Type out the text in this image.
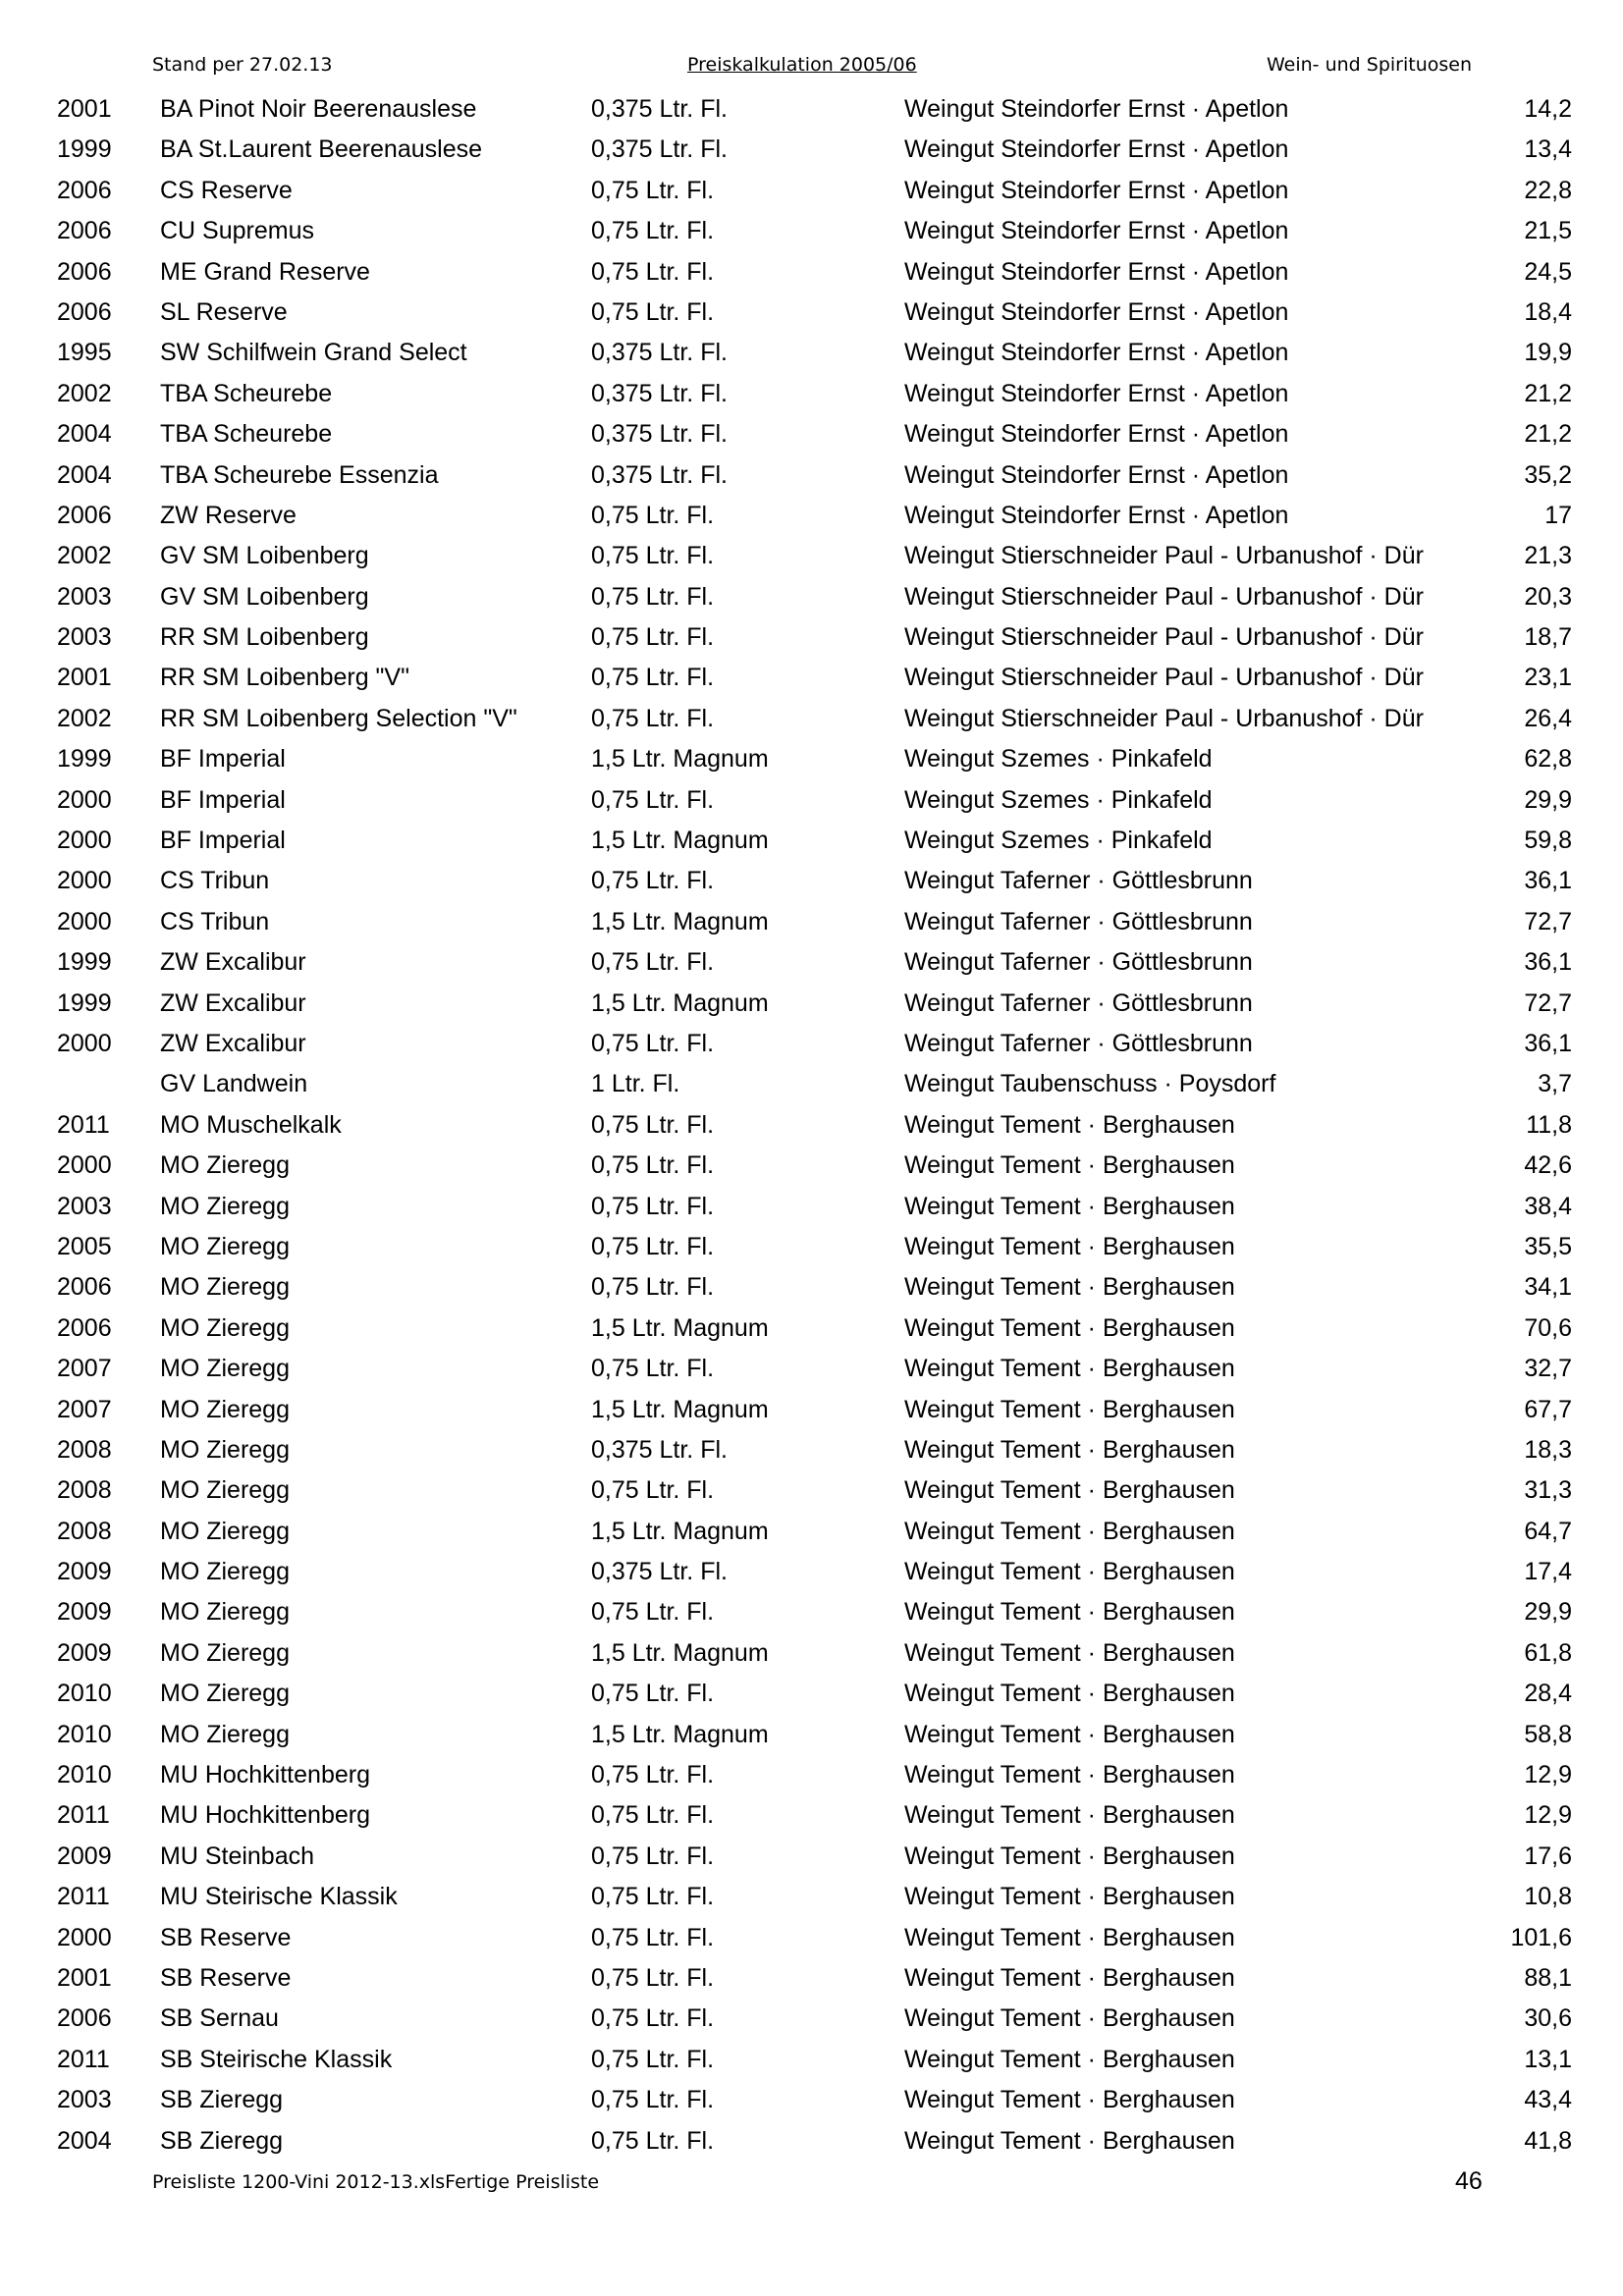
Stand per 27.02.13	Preiskalkulation 2005/06	Wein- und Spirituosen
2001 BA Pinot Noir Beerenauslese	0,375 Ltr. Fl.	Weingut Steindorfer Ernst · Apetlon	14,2
1999 BA St.Laurent Beerenauslese	0,375 Ltr. Fl.	Weingut Steindorfer Ernst · Apetlon	13,4
2006 CS Reserve	0,75 Ltr. Fl.	Weingut Steindorfer Ernst · Apetlon	22,8
2006 CU Supremus	0,75 Ltr. Fl.	Weingut Steindorfer Ernst · Apetlon	21,5
2006 ME Grand Reserve	0,75 Ltr. Fl.	Weingut Steindorfer Ernst · Apetlon	24,5
2006 SL Reserve	0,75 Ltr. Fl.	Weingut Steindorfer Ernst · Apetlon	18,4
1995 SW Schilfwein Grand Select	0,375 Ltr. Fl.	Weingut Steindorfer Ernst · Apetlon	19,9
2002 TBA Scheurebe	0,375 Ltr. Fl.	Weingut Steindorfer Ernst · Apetlon	21,2
2004 TBA Scheurebe	0,375 Ltr. Fl.	Weingut Steindorfer Ernst · Apetlon	21,2
2004 TBA Scheurebe Essenzia	0,375 Ltr. Fl.	Weingut Steindorfer Ernst · Apetlon	35,2
2006 ZW Reserve	0,75 Ltr. Fl.	Weingut Steindorfer Ernst · Apetlon	17
2002 GV SM Loibenberg	0,75 Ltr. Fl.	Weingut Stierschneider Paul - Urbanushof · Dür	21,3
2003 GV SM Loibenberg	0,75 Ltr. Fl.	Weingut Stierschneider Paul - Urbanushof · Dür	20,3
2003 RR SM Loibenberg	0,75 Ltr. Fl.	Weingut Stierschneider Paul - Urbanushof · Dür	18,7
2001 RR SM Loibenberg "V"	0,75 Ltr. Fl.	Weingut Stierschneider Paul - Urbanushof · Dür	23,1
2002 RR SM Loibenberg Selection "V"	0,75 Ltr. Fl.	Weingut Stierschneider Paul - Urbanushof · Dür	26,4
1999 BF Imperial	1,5 Ltr. Magnum	Weingut Szemes · Pinkafeld	62,8
2000 BF Imperial	0,75 Ltr. Fl.	Weingut Szemes · Pinkafeld	29,9
2000 BF Imperial	1,5 Ltr. Magnum	Weingut Szemes · Pinkafeld	59,8
2000 CS Tribun	0,75 Ltr. Fl.	Weingut Taferner · Göttlesbrunn	36,1
2000 CS Tribun	1,5 Ltr. Magnum	Weingut Taferner · Göttlesbrunn	72,7
1999 ZW Excalibur	0,75 Ltr. Fl.	Weingut Taferner · Göttlesbrunn	36,1
1999 ZW Excalibur	1,5 Ltr. Magnum	Weingut Taferner · Göttlesbrunn	72,7
2000 ZW Excalibur	0,75 Ltr. Fl.	Weingut Taferner · Göttlesbrunn	36,1
GV Landwein	1 Ltr. Fl.	Weingut Taubenschuss · Poysdorf	3,7
2011 MO Muschelkalk	0,75 Ltr. Fl.	Weingut Tement · Berghausen	11,8
2000 MO Zieregg	0,75 Ltr. Fl.	Weingut Tement · Berghausen	42,6
2003 MO Zieregg	0,75 Ltr. Fl.	Weingut Tement · Berghausen	38,4
2005 MO Zieregg	0,75 Ltr. Fl.	Weingut Tement · Berghausen	35,5
2006 MO Zieregg	0,75 Ltr. Fl.	Weingut Tement · Berghausen	34,1
2006 MO Zieregg	1,5 Ltr. Magnum	Weingut Tement · Berghausen	70,6
2007 MO Zieregg	0,75 Ltr. Fl.	Weingut Tement · Berghausen	32,7
2007 MO Zieregg	1,5 Ltr. Magnum	Weingut Tement · Berghausen	67,7
2008 MO Zieregg	0,375 Ltr. Fl.	Weingut Tement · Berghausen	18,3
2008 MO Zieregg	0,75 Ltr. Fl.	Weingut Tement · Berghausen	31,3
2008 MO Zieregg	1,5 Ltr. Magnum	Weingut Tement · Berghausen	64,7
2009 MO Zieregg	0,375 Ltr. Fl.	Weingut Tement · Berghausen	17,4
2009 MO Zieregg	0,75 Ltr. Fl.	Weingut Tement · Berghausen	29,9
2009 MO Zieregg	1,5 Ltr. Magnum	Weingut Tement · Berghausen	61,8
2010 MO Zieregg	0,75 Ltr. Fl.	Weingut Tement · Berghausen	28,4
2010 MO Zieregg	1,5 Ltr. Magnum	Weingut Tement · Berghausen	58,8
2010 MU Hochkittenberg	0,75 Ltr. Fl.	Weingut Tement · Berghausen	12,9
2011 MU Hochkittenberg	0,75 Ltr. Fl.	Weingut Tement · Berghausen	12,9
2009 MU Steinbach	0,75 Ltr. Fl.	Weingut Tement · Berghausen	17,6
2011 MU Steirische Klassik	0,75 Ltr. Fl.	Weingut Tement · Berghausen	10,8
2000 SB Reserve	0,75 Ltr. Fl.	Weingut Tement · Berghausen	101,6
2001 SB Reserve	0,75 Ltr. Fl.	Weingut Tement · Berghausen	88,1
2006 SB Sernau	0,75 Ltr. Fl.	Weingut Tement · Berghausen	30,6
2011 SB Steirische Klassik	0,75 Ltr. Fl.	Weingut Tement · Berghausen	13,1
2003 SB Zieregg	0,75 Ltr. Fl.	Weingut Tement · Berghausen	43,4
2004 SB Zieregg	0,75 Ltr. Fl.	Weingut Tement · Berghausen	41,8
Preisliste 1200-Vini 2012-13.xlsFertige Preisliste	46
